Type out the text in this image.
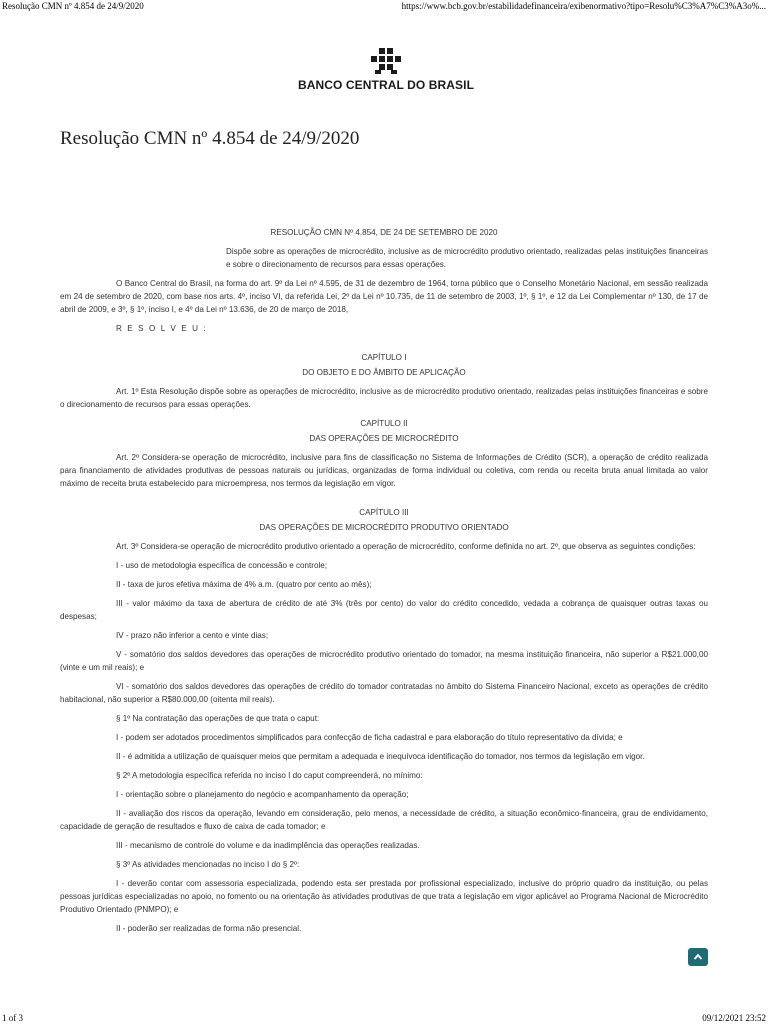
Resolução CMN nº 4.854 de 24/9/2020	https://www.bcb.gov.br/estabilidadefinanceira/exibenormativo?tipo=Resolu%C3%A7%C3%A3o%...
BANCO CENTRAL DO BRASIL
Resolução CMN nº 4.854 de 24/9/2020

RESOLUÇÃO CMN Nº 4.854, DE 24 DE SETEMBRO DE 2020

Dispõe sobre as operações de microcrédito, inclusive as de microcrédito produtivo orientado, realizadas pelas instituições financeiras e sobre o direcionamento de recursos para essas operações.

O Banco Central do Brasil, na forma do art. 9º da Lei nº 4.595, de 31 de dezembro de 1964, torna público que o Conselho Monetário Nacional, em sessão realizada em 24 de setembro de 2020, com base nos arts. 4º, inciso VI, da referida Lei, 2º da Lei nº 10.735, de 11 de setembro de 2003, 1º, § 1º, e 12 da Lei Complementar nº 130, de 17 de abril de 2009, e 3º, § 1º, inciso I, e 4º da Lei nº 13.636, de 20 de março de 2018,

R E S O L V E U :

CAPÍTULO I

DO OBJETO E DO ÂMBITO DE APLICAÇÃO

Art. 1º Esta Resolução dispõe sobre as operações de microcrédito, inclusive as de microcrédito produtivo orientado, realizadas pelas instituições financeiras e sobre o direcionamento de recursos para essas operações.

CAPÍTULO II

DAS OPERAÇÕES DE MICROCRÉDITO

Art. 2º Considera-se operação de microcrédito, inclusive para fins de classificação no Sistema de Informações de Crédito (SCR), a operação de crédito realizada para financiamento de atividades produtivas de pessoas naturais ou jurídicas, organizadas de forma individual ou coletiva, com renda ou receita bruta anual limitada ao valor máximo de receita bruta estabelecido para microempresa, nos termos da legislação em vigor.

CAPÍTULO III

DAS OPERAÇÕES DE MICROCRÉDITO PRODUTIVO ORIENTADO

Art. 3º Considera-se operação de microcrédito produtivo orientado a operação de microcrédito, conforme definida no art. 2º, que observa as seguintes condições:

I - uso de metodologia específica de concessão e controle;

II - taxa de juros efetiva máxima de 4% a.m. (quatro por cento ao mês);

III - valor máximo da taxa de abertura de crédito de até 3% (três por cento) do valor do crédito concedido, vedada a cobrança de quaisquer outras taxas ou despesas;

IV - prazo não inferior a cento e vinte dias;

V - somatório dos saldos devedores das operações de microcrédito produtivo orientado do tomador, na mesma instituição financeira, não superior a R$21.000,00 (vinte e um mil reais); e

VI - somatório dos saldos devedores das operações de crédito do tomador contratadas no âmbito do Sistema Financeiro Nacional, exceto as operações de crédito habitacional, não superior a R$80.000,00 (oitenta mil reais).

§ 1º Na contratação das operações de que trata o caput:

I - podem ser adotados procedimentos simplificados para confecção de ficha cadastral e para elaboração do título representativo da dívida; e

II - é admitida a utilização de quaisquer meios que permitam a adequada e inequívoca identificação do tomador, nos termos da legislação em vigor.

§ 2º A metodologia específica referida no inciso I do caput compreenderá, no mínimo:

I - orientação sobre o planejamento do negócio e acompanhamento da operação;

II - avaliação dos riscos da operação, levando em consideração, pelo menos, a necessidade de crédito, a situação econômico-financeira, grau de endividamento, capacidade de geração de resultados e fluxo de caixa de cada tomador; e

III - mecanismo de controle do volume e da inadimplência das operações realizadas.

§ 3º As atividades mencionadas no inciso I do § 2º:

I - deverão contar com assessoria especializada, podendo esta ser prestada por profissional especializado, inclusive do próprio quadro da instituição, ou pelas pessoas jurídicas especializadas no apoio, no fomento ou na orientação às atividades produtivas de que trata a legislação em vigor aplicável ao Programa Nacional de Microcrédito Produtivo Orientado (PNMPO); e

II - poderão ser realizadas de forma não presencial.

1 of 3	09/12/2021 23:52
